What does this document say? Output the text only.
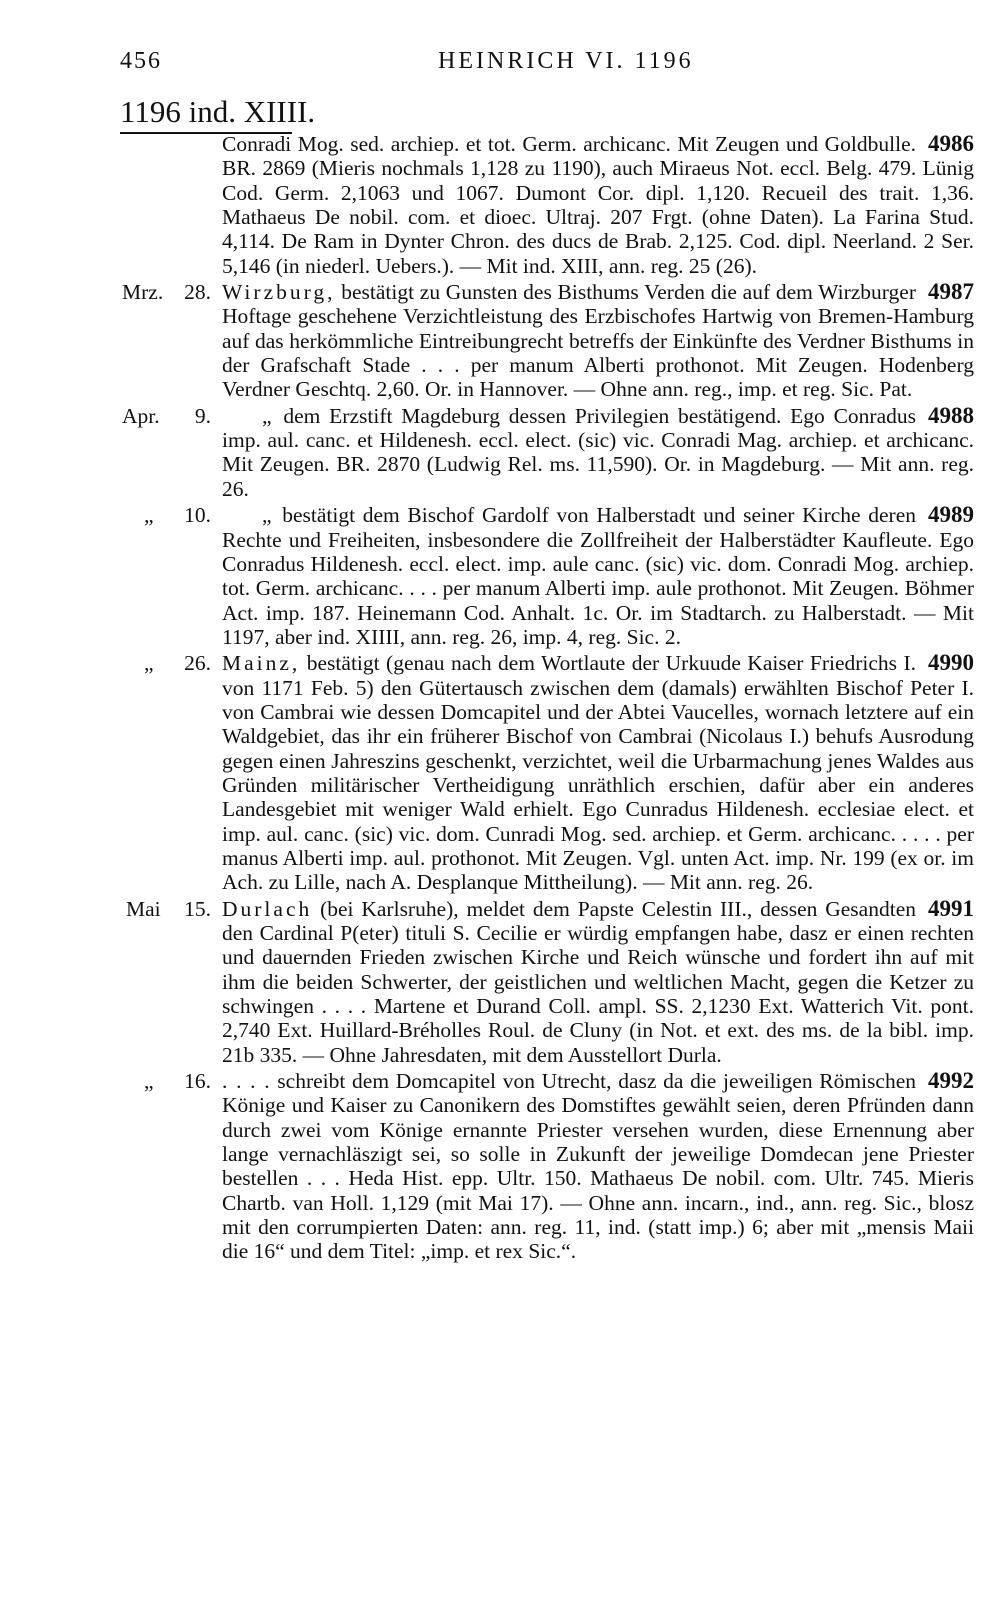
456	HEINRICH VI. 1196
1196 ind. XIIII.
4986
Conradi Mog. sed. archiep. et tot. Germ. archicanc. Mit Zeugen und Goldbulle. BR. 2869 (Mieris nochmals 1,128 zu 1190), auch Miraeus Not. eccl. Belg. 479. Lünig Cod. Germ. 2,1063 und 1067. Dumont Cor. dipl. 1,120. Recueil des trait. 1,36. Mathaeus De nobil. com. et dioec. Ultraj. 207 Frgt. (ohne Daten). La Farina Stud. 4,114. De Ram in Dynter Chron. des ducs de Brab. 2,125. Cod. dipl. Neerland. 2 Ser. 5,146 (in niederl. Uebers.). — Mit ind. XIII, ann. reg. 25 (26).
Mrz. 28.	4987
Wirzburg, bestätigt zu Gunsten des Bisthums Verden die auf dem Wirzburger Hoftage geschehene Verzichtleistung des Erzbischofes Hartwig von Bremen-Hamburg auf das herkömmliche Eintreibungrecht betreffs der Einkünfte des Verdner Bisthums in der Grafschaft Stade . . . per manum Alberti prothonot. Mit Zeugen. Hodenberg Verdner Geschtq. 2,60. Or. in Hannover. — Ohne ann. reg., imp. et reg. Sic. Pat.
Apr. 9.	4988
„ dem Erzstift Magdeburg dessen Privilegien bestätigend. Ego Conradus imp. aul. canc. et Hildenesh. eccl. elect. (sic) vic. Conradi Mag. archiep. et archicanc. Mit Zeugen. BR. 2870 (Ludwig Rel. ms. 11,590). Or. in Magdeburg. — Mit ann. reg. 26.
„ 10.	4989
„ bestätigt dem Bischof Gardolf von Halberstadt und seiner Kirche deren Rechte und Freiheiten, insbesondere die Zollfreiheit der Halberstädter Kaufleute. Ego Conradus Hildenesh. eccl. elect. imp. aule canc. (sic) vic. dom. Conradi Mog. archiep. tot. Germ. archicanc. . . . per manum Alberti imp. aule prothonot. Mit Zeugen. Böhmer Act. imp. 187. Heinemann Cod. Anhalt. 1c. Or. im Stadtarch. zu Halberstadt. — Mit 1197, aber ind. XIIII, ann. reg. 26, imp. 4, reg. Sic. 2.
„ 26.	4990
Mainz, bestätigt (genau nach dem Wortlaute der Urkuude Kaiser Friedrichs I. von 1171 Feb. 5) den Gütertausch zwischen dem (damals) erwählten Bischof Peter I. von Cambrai wie dessen Domcapitel und der Abtei Vaucelles, wornach letztere auf ein Waldgebiet, das ihr ein früherer Bischof von Cambrai (Nicolaus I.) behufs Ausrodung gegen einen Jahreszins geschenkt, verzichtet, weil die Urbarmachung jenes Waldes aus Gründen militärischer Vertheidigung unräthlich erschien, dafür aber ein anderes Landesgebiet mit weniger Wald erhielt. Ego Cunradus Hildenesh. ecclesiae elect. et imp. aul. canc. (sic) vic. dom. Cunradi Mog. sed. archiep. et Germ. archicanc. . . . . per manus Alberti imp. aul. prothonot. Mit Zeugen. Vgl. unten Act. imp. Nr. 199 (ex or. im Ach. zu Lille, nach A. Desplanque Mittheilung). — Mit ann. reg. 26.
Mai 15.	4991
Durlach (bei Karlsruhe), meldet dem Papste Celestin III., dessen Gesandten den Cardinal P(eter) tituli S. Cecilie er würdig empfangen habe, dasz er einen rechten und dauernden Frieden zwischen Kirche und Reich wünsche und fordert ihn auf mit ihm die beiden Schwerter, der geistlichen und weltlichen Macht, gegen die Ketzer zu schwingen . . . . Martene et Durand Coll. ampl. SS. 2,1230 Ext. Watterich Vit. pont. 2,740 Ext. Huillard-Bréholles Roul. de Cluny (in Not. et ext. des ms. de la bibl. imp. 21b 335. — Ohne Jahresdaten, mit dem Ausstellort Durla.
„ 16.	4992
. . . . schreibt dem Domcapitel von Utrecht, dasz da die jeweiligen Römischen Könige und Kaiser zu Canonikern des Domstiftes gewählt seien, deren Pfründen dann durch zwei vom Könige ernannte Priester versehen wurden, diese Ernennung aber lange vernachläszigt sei, so solle in Zukunft der jeweilige Domdecan jene Priester bestellen . . . Heda Hist. epp. Ultr. 150. Mathaeus De nobil. com. Ultr. 745. Mieris Chartb. van Holl. 1,129 (mit Mai 17). — Ohne ann. incarn., ind., ann. reg. Sic., blosz mit den corrumpierten Daten: ann. reg. 11, ind. (statt imp.) 6; aber mit „mensis Maii die 16“ und dem Titel: „imp. et rex Sic.“.
